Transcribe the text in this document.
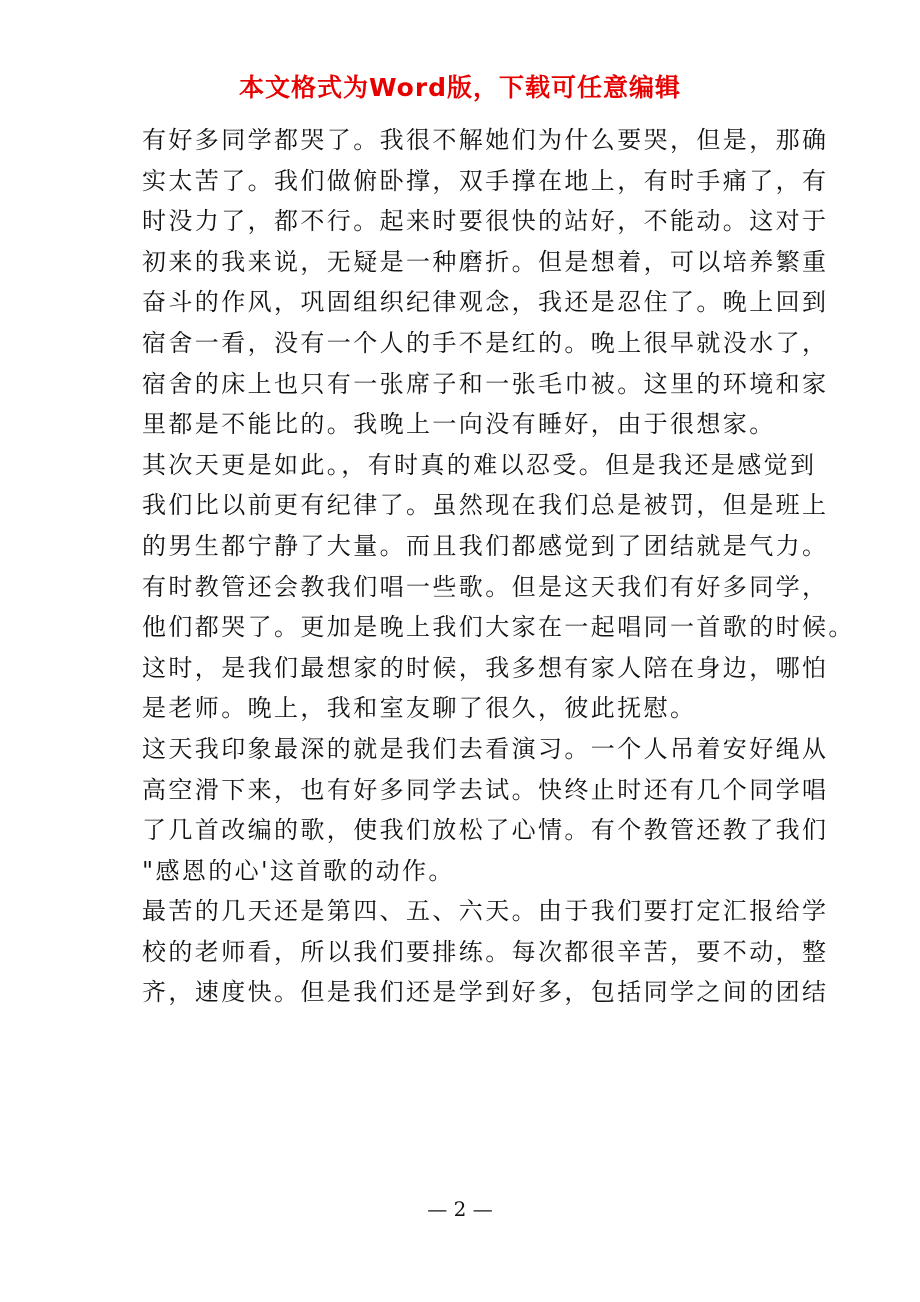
本文格式为Word版，下载可任意编辑
有好多同学都哭了。我很不解她们为什么要哭，但是，那确
实太苦了。我们做俯卧撑，双手撑在地上，有时手痛了，有
时没力了，都不行。起来时要很快的站好，不能动。这对于
初来的我来说，无疑是一种磨折。但是想着，可以培养繁重
奋斗的作风，巩固组织纪律观念，我还是忍住了。晚上回到
宿舍一看，没有一个人的手不是红的。晚上很早就没水了，
宿舍的床上也只有一张席子和一张毛巾被。这里的环境和家
里都是不能比的。我晚上一向没有睡好，由于很想家。
其次天更是如此。，有时真的难以忍受。但是我还是感觉到
我们比以前更有纪律了。虽然现在我们总是被罚，但是班上
的男生都宁静了大量。而且我们都感觉到了团结就是气力。
有时教管还会教我们唱一些歌。但是这天我们有好多同学，
他们都哭了。更加是晚上我们大家在一起唱同一首歌的时候。
这时，是我们最想家的时候，我多想有家人陪在身边，哪怕
是老师。晚上，我和室友聊了很久，彼此抚慰。
这天我印象最深的就是我们去看演习。一个人吊着安好绳从
高空滑下来，也有好多同学去试。快终止时还有几个同学唱
了几首改编的歌，使我们放松了心情。有个教管还教了我们
"感恩的心'这首歌的动作。
最苦的几天还是第四、五、六天。由于我们要打定汇报给学
校的老师看，所以我们要排练。每次都很辛苦，要不动，整
齐，速度快。但是我们还是学到好多，包括同学之间的团结
— 2 —
